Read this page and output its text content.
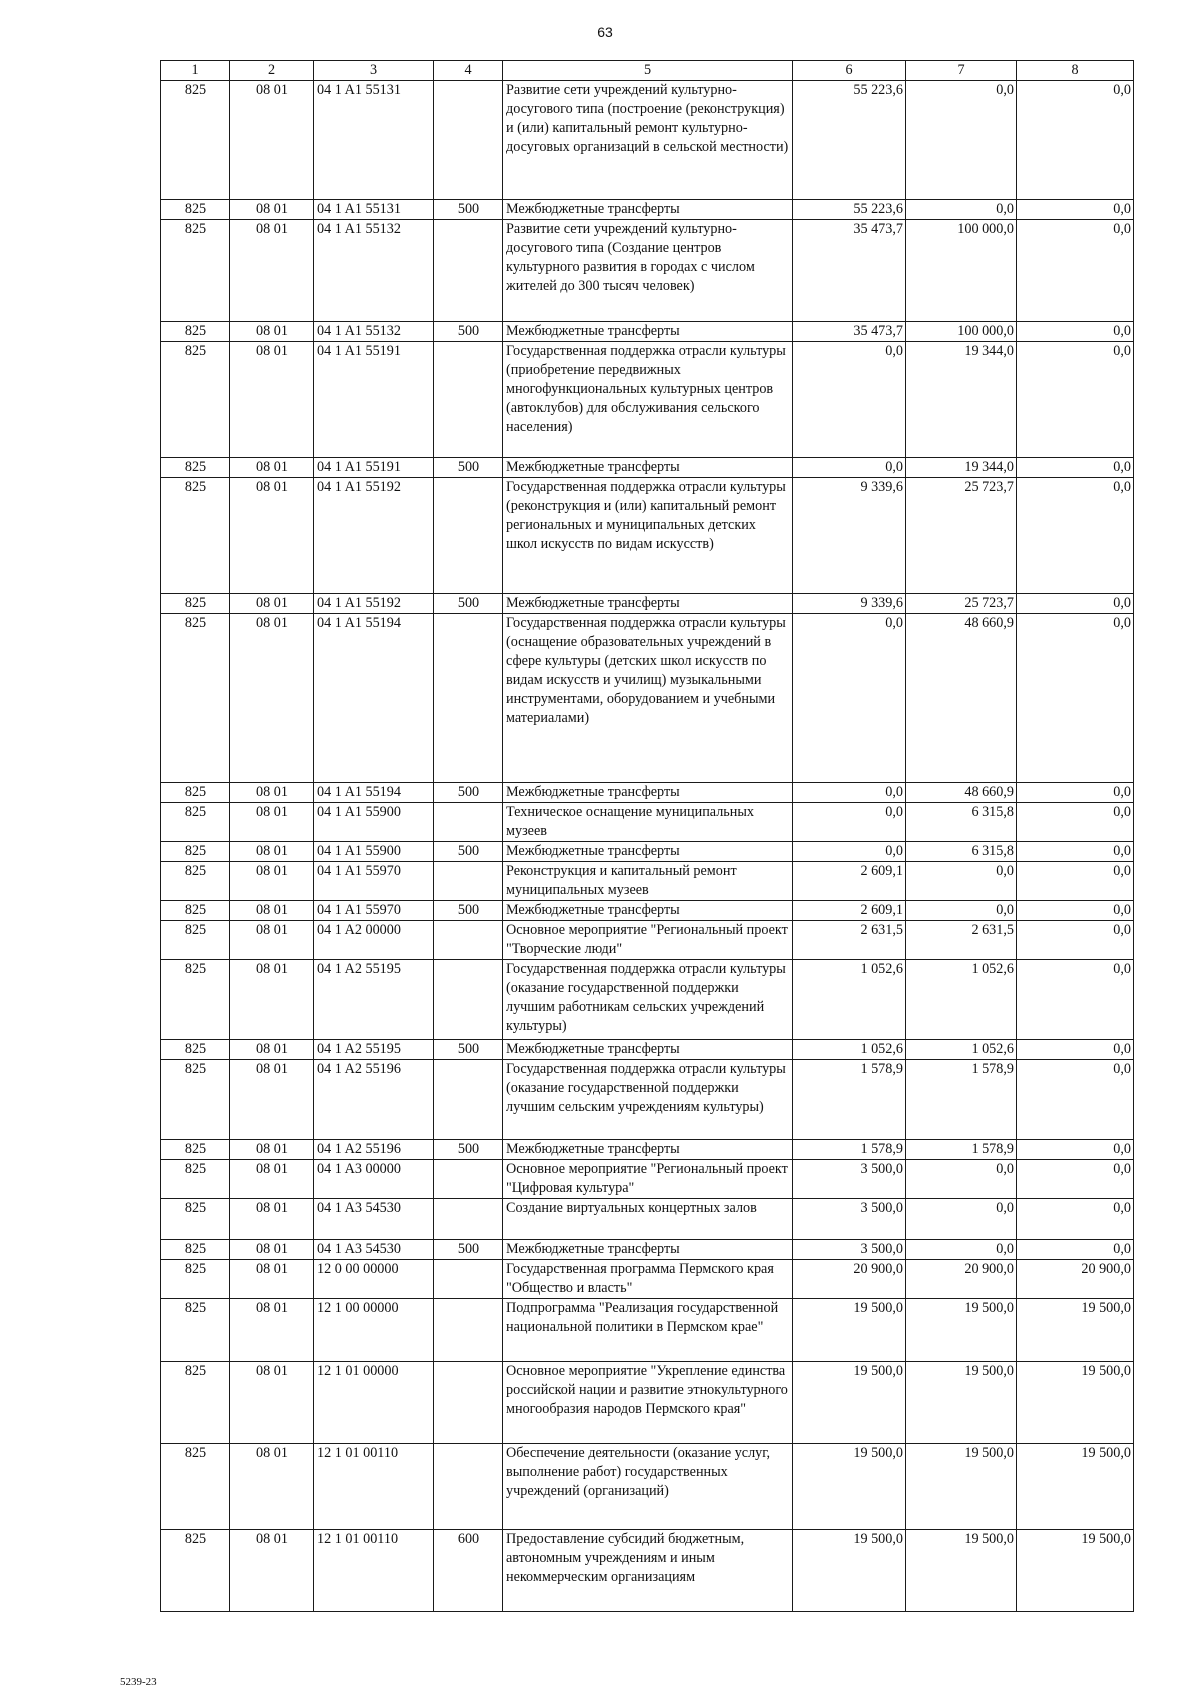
63
1	2	3	4	5	6	7	8
825	08 01	04 1 A1 55131		Развитие сети учреждений культурно-досугового типа (построение (реконструкция) и (или) капитальный ремонт культурно-досуговых организаций в сельской местности)	55 223,6	0,0	0,0
825	08 01	04 1 A1 55131	500	Межбюджетные трансферты	55 223,6	0,0	0,0
825	08 01	04 1 A1 55132		Развитие сети учреждений культурно-досугового типа (Создание центров культурного развития в городах с числом жителей до 300 тысяч человек)	35 473,7	100 000,0	0,0
825	08 01	04 1 A1 55132	500	Межбюджетные трансферты	35 473,7	100 000,0	0,0
825	08 01	04 1 A1 55191		Государственная поддержка отрасли культуры (приобретение передвижных многофункциональных культурных центров (автоклубов) для обслуживания сельского населения)	0,0	19 344,0	0,0
825	08 01	04 1 A1 55191	500	Межбюджетные трансферты	0,0	19 344,0	0,0
825	08 01	04 1 A1 55192		Государственная поддержка отрасли культуры (реконструкция и (или) капитальный ремонт региональных и муниципальных детских школ искусств по видам искусств)	9 339,6	25 723,7	0,0
825	08 01	04 1 A1 55192	500	Межбюджетные трансферты	9 339,6	25 723,7	0,0
825	08 01	04 1 A1 55194		Государственная поддержка отрасли культуры (оснащение образовательных учреждений в сфере культуры (детских школ искусств по видам искусств и училищ) музыкальными инструментами, оборудованием и учебными материалами)	0,0	48 660,9	0,0
825	08 01	04 1 A1 55194	500	Межбюджетные трансферты	0,0	48 660,9	0,0
825	08 01	04 1 A1 55900		Техническое оснащение муниципальных музеев	0,0	6 315,8	0,0
825	08 01	04 1 A1 55900	500	Межбюджетные трансферты	0,0	6 315,8	0,0
825	08 01	04 1 A1 55970		Реконструкция и капитальный ремонт муниципальных музеев	2 609,1	0,0	0,0
825	08 01	04 1 A1 55970	500	Межбюджетные трансферты	2 609,1	0,0	0,0
825	08 01	04 1 A2 00000		Основное мероприятие "Региональный проект "Творческие люди"	2 631,5	2 631,5	0,0
825	08 01	04 1 A2 55195		Государственная поддержка отрасли культуры (оказание государственной поддержки лучшим работникам сельских учреждений культуры)	1 052,6	1 052,6	0,0
825	08 01	04 1 A2 55195	500	Межбюджетные трансферты	1 052,6	1 052,6	0,0
825	08 01	04 1 A2 55196		Государственная поддержка отрасли культуры (оказание государственной поддержки лучшим сельским учреждениям культуры)	1 578,9	1 578,9	0,0
825	08 01	04 1 A2 55196	500	Межбюджетные трансферты	1 578,9	1 578,9	0,0
825	08 01	04 1 A3 00000		Основное мероприятие "Региональный проект "Цифровая культура"	3 500,0	0,0	0,0
825	08 01	04 1 A3 54530		Создание виртуальных концертных залов	3 500,0	0,0	0,0
825	08 01	04 1 A3 54530	500	Межбюджетные трансферты	3 500,0	0,0	0,0
825	08 01	12 0 00 00000		Государственная программа Пермского края "Общество и власть"	20 900,0	20 900,0	20 900,0
825	08 01	12 1 00 00000		Подпрограмма "Реализация государственной национальной политики в Пермском крае"	19 500,0	19 500,0	19 500,0
825	08 01	12 1 01 00000		Основное мероприятие "Укрепление единства российской нации и развитие этнокультурного многообразия народов Пермского края"	19 500,0	19 500,0	19 500,0
825	08 01	12 1 01 00110		Обеспечение деятельности (оказание услуг, выполнение работ) государственных учреждений (организаций)	19 500,0	19 500,0	19 500,0
825	08 01	12 1 01 00110	600	Предоставление субсидий бюджетным, автономным учреждениям и иным некоммерческим организациям	19 500,0	19 500,0	19 500,0
5239-23
